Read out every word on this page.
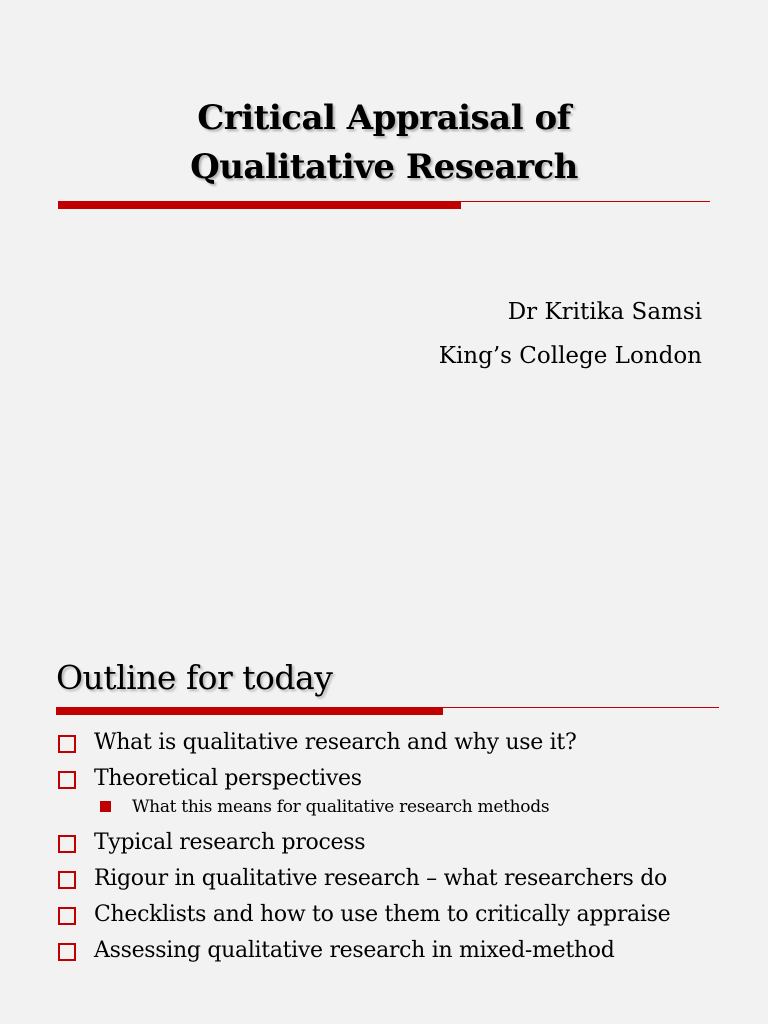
Critical Appraisal of
Qualitative Research
Dr Kritika Samsi
King’s College London
Outline for today
What is qualitative research and why use it?
Theoretical perspectives
What this means for qualitative research methods
Typical research process
Rigour in qualitative research – what researchers do
Checklists and how to use them to critically appraise
Assessing qualitative research in mixed-method
